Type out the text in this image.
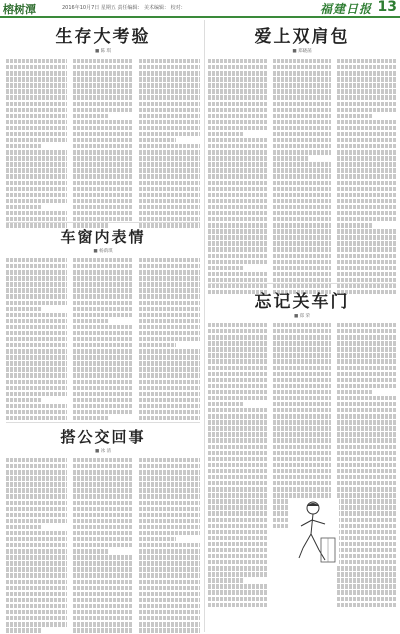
榕树潭	2016年10月7日 星期五 责任编辑： 美术编辑： 校对：	福建日报 13
生存大考验
■ 陈 琪
车窗内表情
■ 杨荫琪
搭公交回事
■ 冰 清
爱上双肩包
■ 郑晓菡
忘记关车门
■ 郑 荣
